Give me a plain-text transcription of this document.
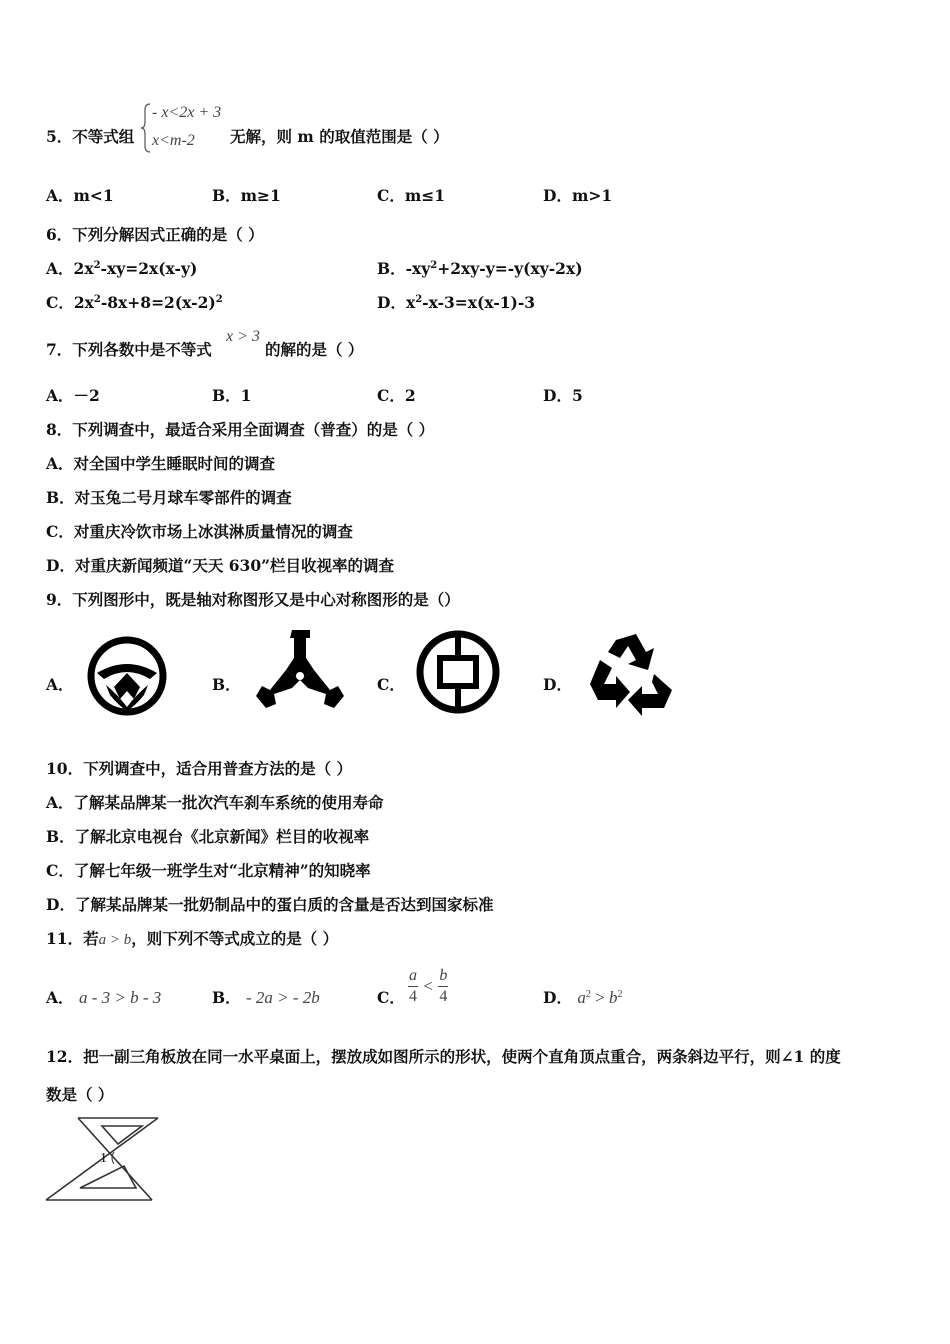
5．不等式组
- x<2x + 3
x<m-2 无解，则 m 的取值范围是（ ）
A．m<1	B．m≥1	C．m≤1	D．m>1
6．下列分解因式正确的是（ ）
A．$2x^2-xy=2x(x-y)$	B．$-xy^2+2xy-y=-y(xy-2x)$
C．$2x^2-8x+8=2(x-2)^2$	D．$x^2-x-3=x(x-1)-3$
7．下列各数中是不等式
x > 3
的解的是（ ）
A．－2	B．1	C．2	D．5
8．下列调查中，最适合采用全面调查（普查）的是（ ）
A．对全国中学生睡眠时间的调查
B．对玉兔二号月球车零部件的调查
C．对重庆冷饮市场上冰淇淋质量情况的调查
D．对重庆新闻频道“天天 630”栏目收视率的调查
9．下列图形中，既是轴对称图形又是中心对称图形的是（）
A．	B．	C．	D．
10．下列调查中，适合用普查方法的是（ ）
A．了解某品牌某一批次汽车刹车系统的使用寿命
B．了解北京电视台《北京新闻》栏目的收视率
C．了解七年级一班学生对“北京精神”的知晓率
D．了解某品牌某一批奶制品中的蛋白质的含量是否达到国家标准
11．若a > b，则下列不等式成立的是（ ）
A． a - 3 > b - 3	B． - 2a > - 2b	C． $\frac{a}{4} < \frac{b}{4}$	D． $a^2 > b^2$
12．把一副三角板放在同一水平桌面上，摆放成如图所示的形状，使两个直角顶点重合，两条斜边平行，则∠1 的度
数是（ ）
1
